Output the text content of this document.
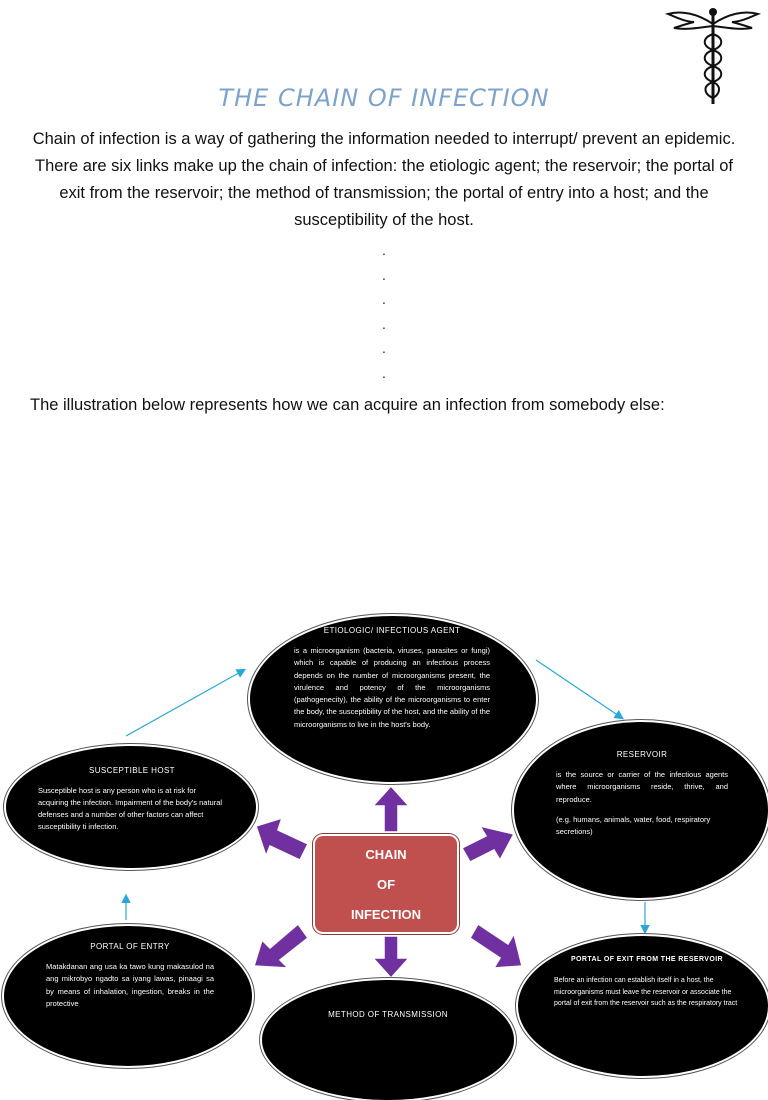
THE CHAIN OF INFECTION
Chain of infection is a way of gathering the information needed to interrupt/ prevent an epidemic. There are six links make up the chain of infection: the etiologic agent; the reservoir; the portal of exit from the reservoir; the method of transmission; the portal of entry into a host; and the susceptibility of the host.
.
.
.
.
.
.
The illustration below represents how we can acquire an infection from somebody else:
ETIOLOGIC/ INFECTIOUS AGENT
is a microorganism (bacteria, viruses, parasites or fungi) which is capable of producing an infectious process depends on the number of microorganisms present, the virulence and potency of the microorganisms (pathogenecity), the ability of the microorganisms to enter the body, the susceptibility of the host, and the ability of the microorganisms to live in the host's body.
RESERVOIR
is the source or carrier of the infectious agents where microorganisms reside, thrive, and reproduce.
(e.g. humans, animals, water, food, respiratory secretions)
SUSCEPTIBLE HOST
Susceptible host is any person who is at risk for acquiring the infection. Impairment of the body's natural defenses and a number of other factors can affect susceptibility ti infection.
PORTAL OF ENTRY
Matakdanan ang usa ka tawo kung makasulod na ang mikrobyo ngadto sa iyang lawas, pinaagi sa by means of inhalation, ingestion, breaks in the protective
PORTAL OF EXIT FROM THE RESERVOIR
Before an infection can establish itself in a host, the microorganisms must leave the reservoir or associate the portal of exit from the reservoir such as the respiratory tract
METHOD OF TRANSMISSION
CHAIN
OF
INFECTION
